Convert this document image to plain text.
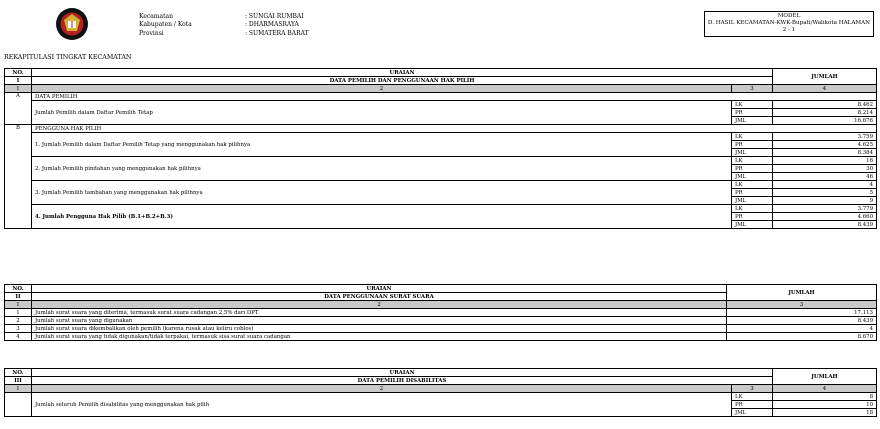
Kecamatan
Kabupaten / Kota
Provinsi
: SUNGAI RUMBAI
: DHARMASRAYA
: SUMATERA BARAT
MODEL
D. HASIL KECAMATAN-KWK-Bupati/Walikota HALAMAN
2 - 1
REKAPITULASI TINGKAT KECAMATAN
NO.	URAIAN		JUMLAH
I	DATA PEMILIH DAN PENGGUNAAN HAK PILIH		
1	2	3	4
A	DATA PEMILIH		
	Jumlah Pemilih dalam Daftar Pemilih Tetap	LK	8.462
		PR	8.214
		JML	16.676
B	PENGGUNA HAK PILIH		
	1. Jumlah Pemilih dalam Daftar Pemilih Tetap yang menggunakan hak pilihnya	LK	3.759
		PR	4.625
		JML	8.384
	2. Jumlah Pemilih pindahan yang menggunakan hak pilihnya	LK	16
		PR	30
		JML	46
	3. Jumlah Pemilih tambahan yang menggunakan hak pilihnya	LK	4
		PR	5
		JML	9
	4. Jumlah Pengguna Hak Pilih (B.1+B.2+B.3)	LK	3.779
		PR	4.660
		JML	8.439
NO.	URAIAN	JUMLAH
II	DATA PENGGUNAAN SURAT SUARA	
1	2	3
1	Jumlah surat suara yang diterima, termasuk surat suara cadangan 2,5% dari DPT	17.113
2	Jumlah surat suara yang digunakan	8.439
3	Jumlah surat suara dikembalikan oleh pemilih (karena rusak atau keliru coblos)	4
4	Jumlah surat suara yang tidak digunakan/tidak terpakai, termasuk sisa surat suara cadangan	8.670
NO.	URAIAN		JUMLAH
III	DATA PEMILIH DISABILITAS		
1	2	3	4
	Jumlah seluruh Pemilih disabilitas yang menggunakan hak pilih	LK	8
		PR	10
		JML	18
